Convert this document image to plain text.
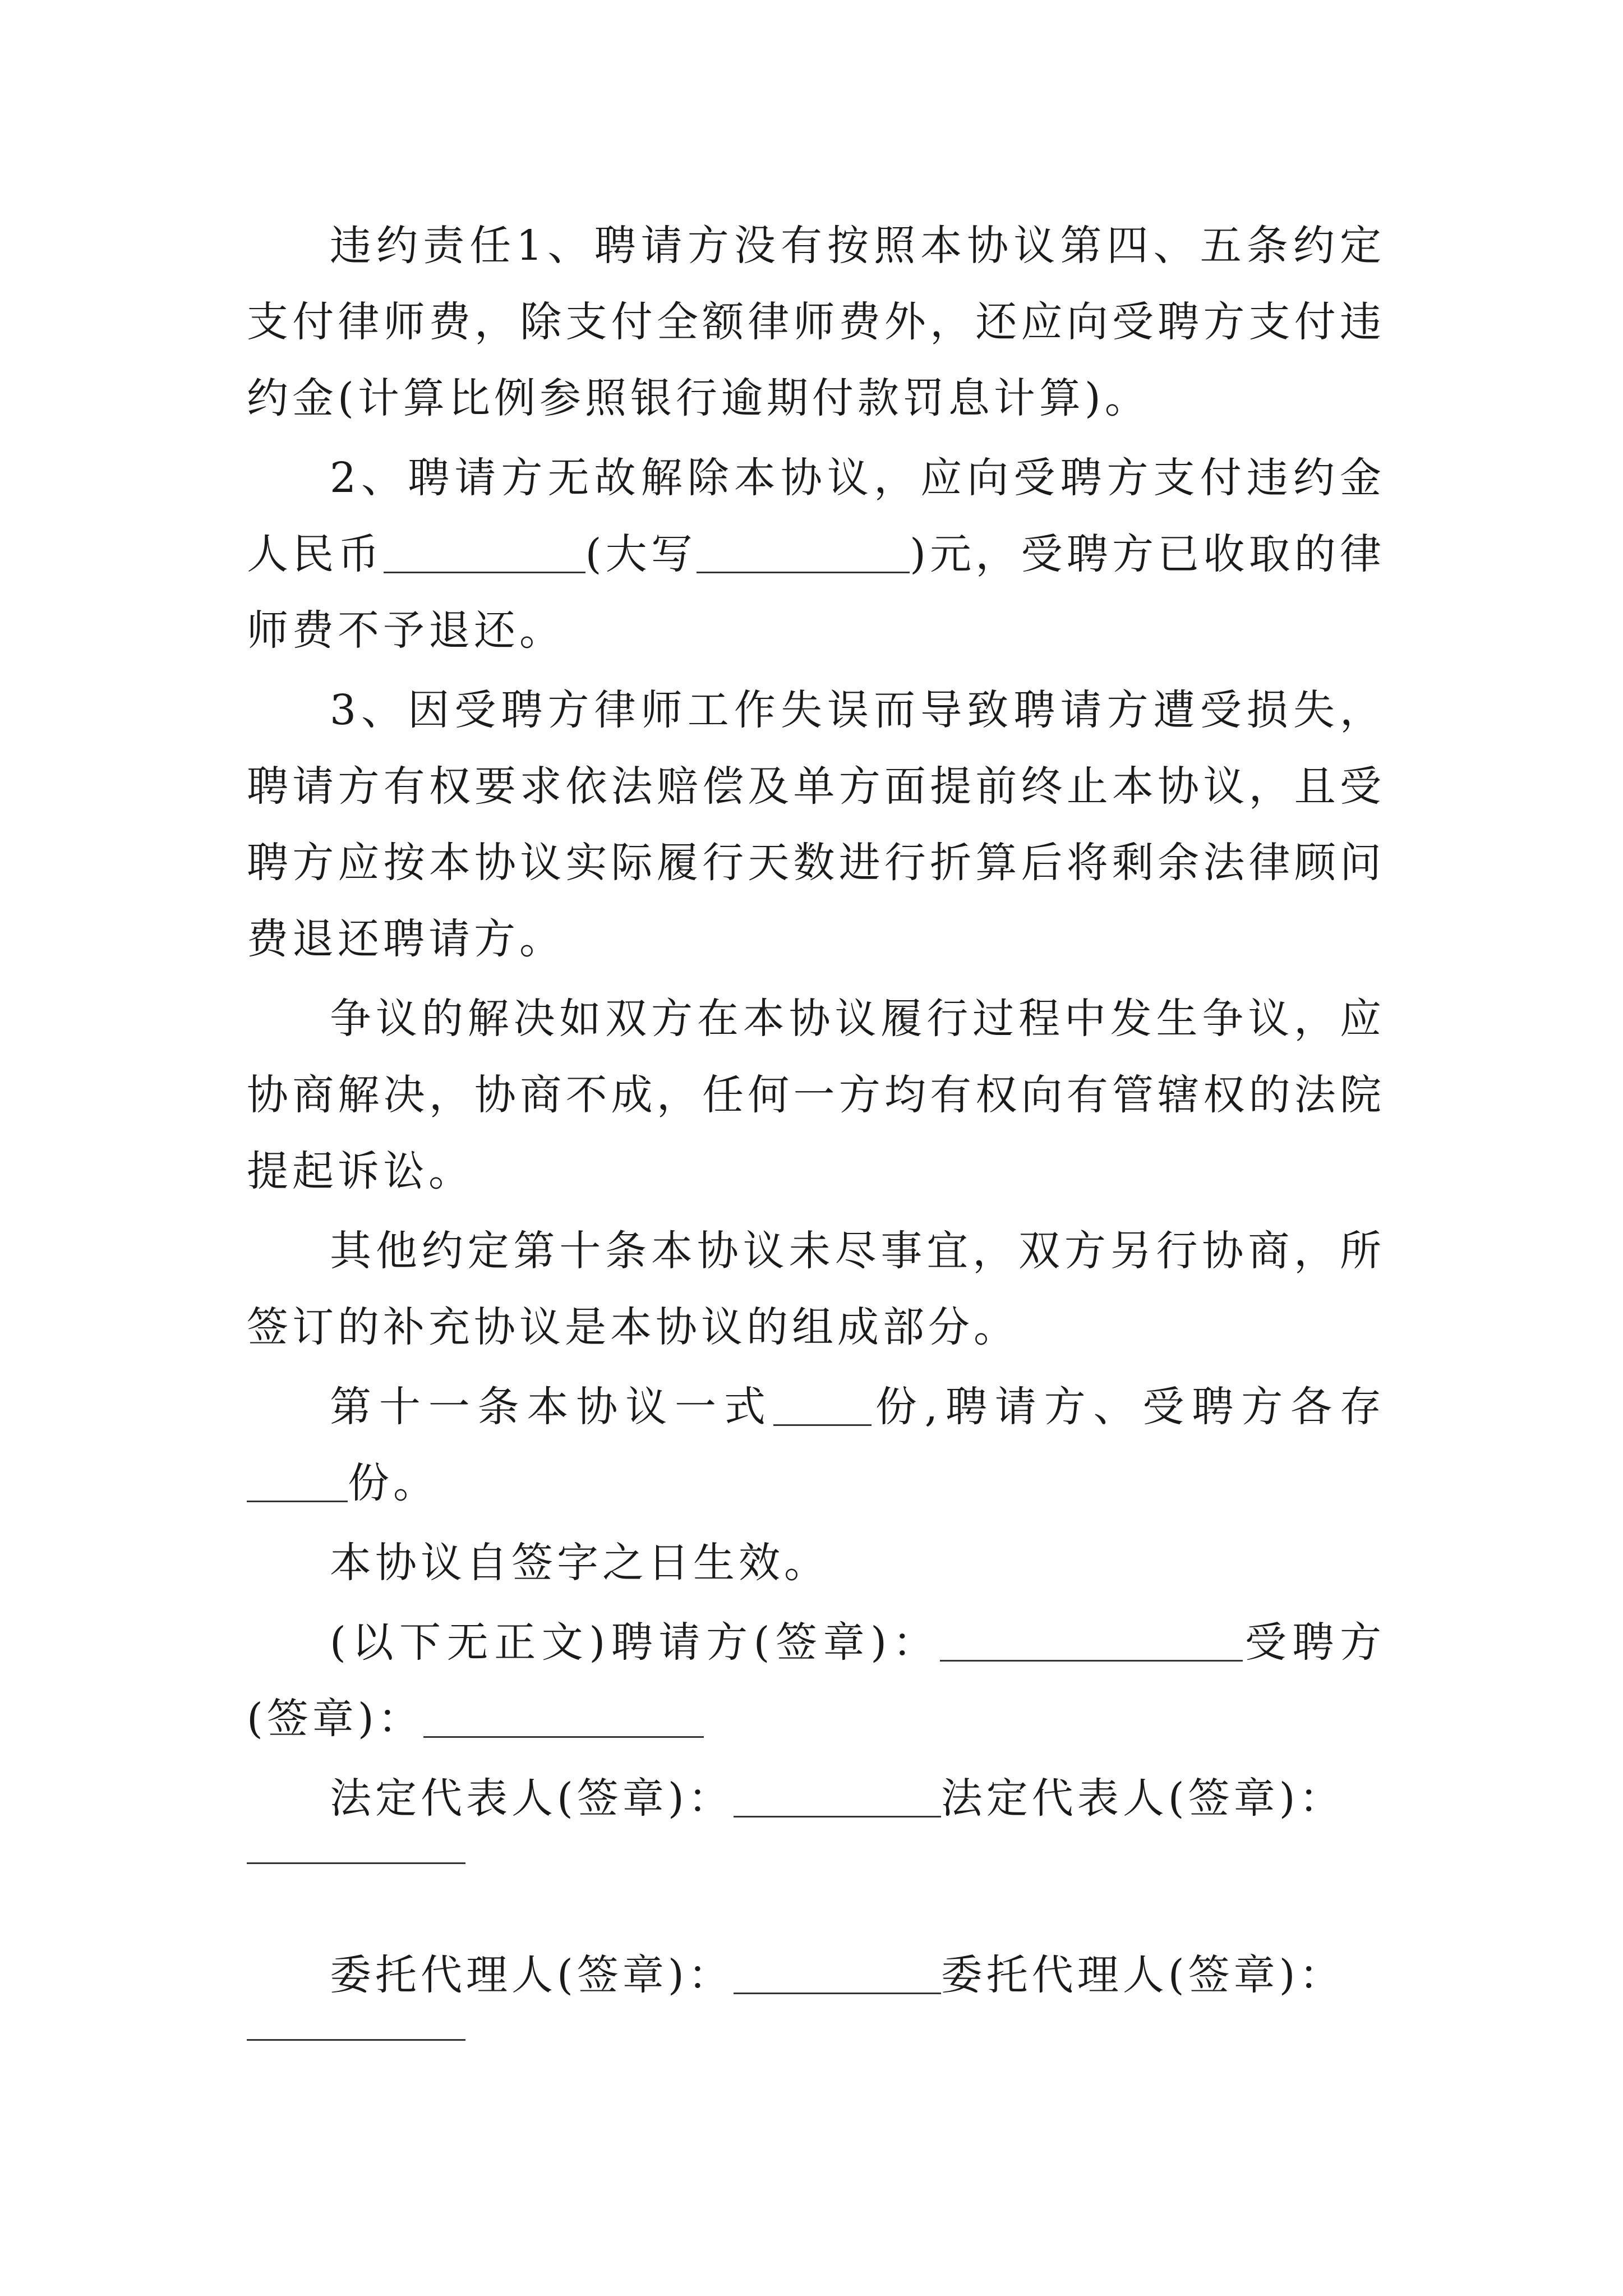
违约责任1、聘请方没有按照本协议第四、五条约定支付律师费，除支付全额律师费外，还应向受聘方支付违约金(计算比例参照银行逾期付款罚息计算)。

2、聘请方无故解除本协议，应向受聘方支付违约金人民币	(大写	)元，受聘方已收取的律师费不予退还。

3、因受聘方律师工作失误而导致聘请方遭受损失，聘请方有权要求依法赔偿及单方面提前终止本协议，且受聘方应按本协议实际履行天数进行折算后将剩余法律顾问费退还聘请方。

争议的解决如双方在本协议履行过程中发生争议，应协商解决，协商不成，任何一方均有权向有管辖权的法院提起诉讼。

其他约定第十条本协议未尽事宜，双方另行协商，所签订的补充协议是本协议的组成部分。

第十一条本协议一式 份,聘请方、受聘方各存份。

本协议自签字之日生效。

(以下无正文)聘请方(签章)：	受聘方(签章)：

法定代表人(签章)：	法定代表人(签章)：

委托代理人(签章)：	委托代理人(签章)：
